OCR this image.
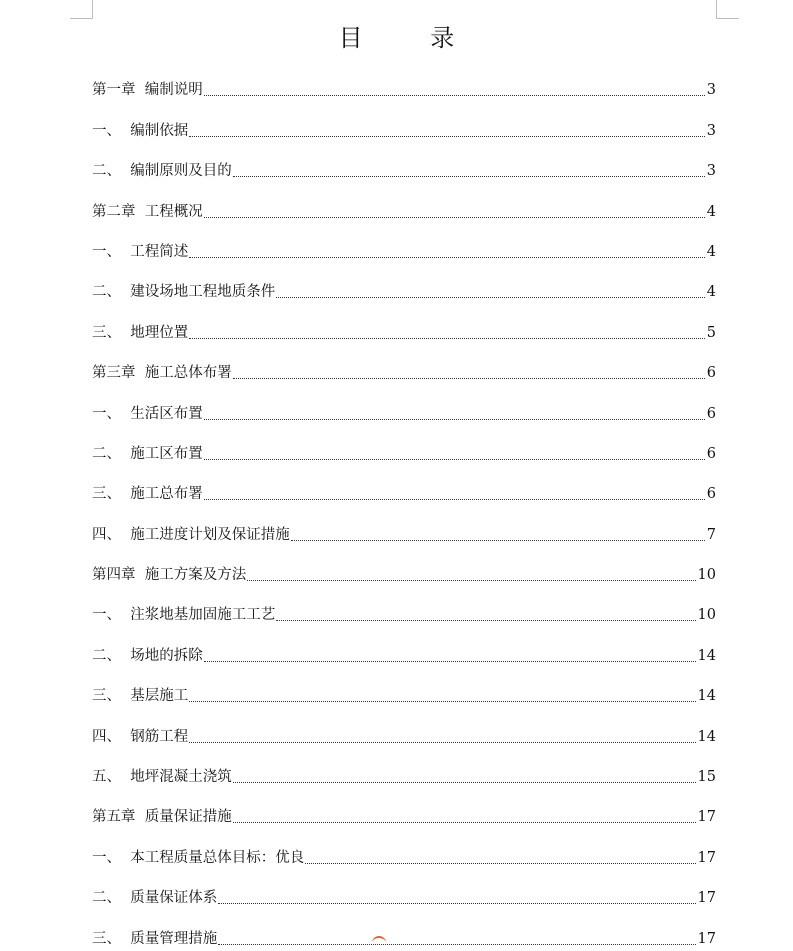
目 录
第一章  编制说明	3
一、  编制依据	3
二、  编制原则及目的	3
第二章  工程概况	4
一、  工程简述	4
二、  建设场地工程地质条件	4
三、  地理位置	5
第三章  施工总体布署	6
一、  生活区布置	6
二、  施工区布置	6
三、  施工总布署	6
四、  施工进度计划及保证措施	7
第四章  施工方案及方法	10
一、  注浆地基加固施工工艺	10
二、  场地的拆除	14
三、  基层施工	14
四、  钢筋工程	14
五、  地坪混凝土浇筑	15
第五章  质量保证措施	17
一、  本工程质量总体目标：优良	17
二、  质量保证体系	17
三、  质量管理措施	17
